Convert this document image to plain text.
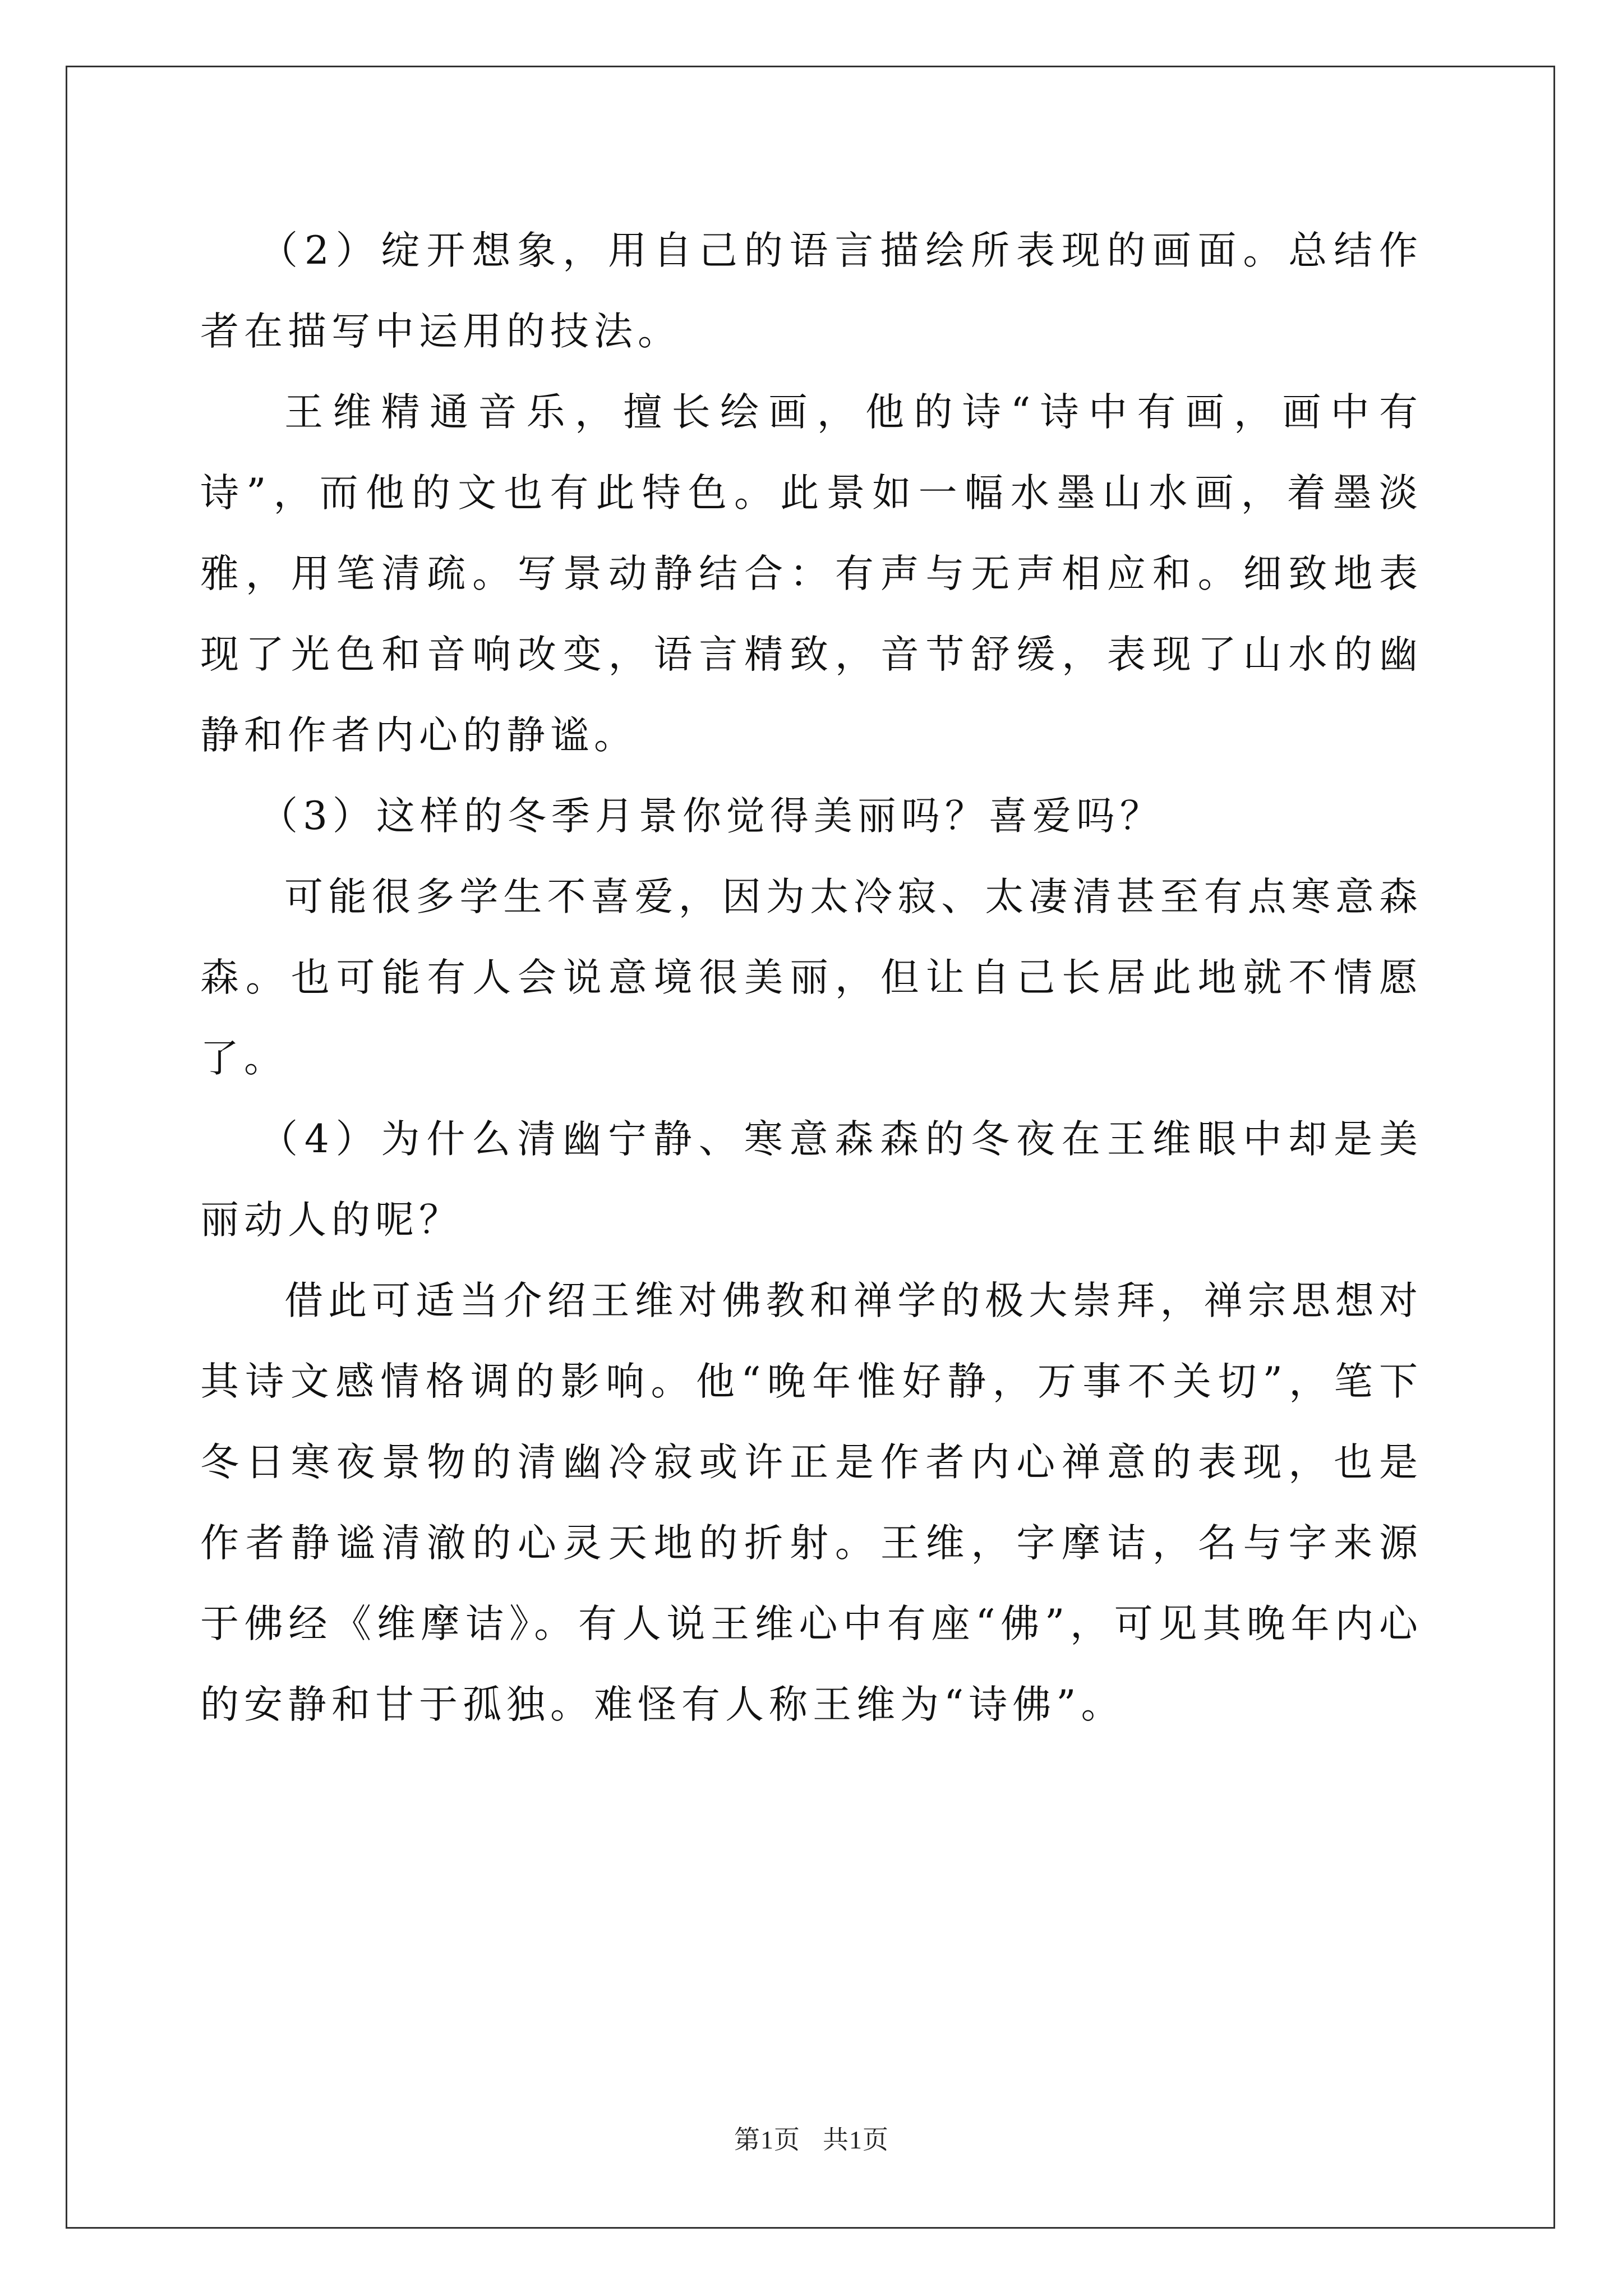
（2）绽开想象，用自己的语言描绘所表现的画面。总结作者在描写中运用的技法。

王维精通音乐，擅长绘画，他的诗“诗中有画，画中有诗”，而他的文也有此特色。此景如一幅水墨山水画，着墨淡雅，用笔清疏。写景动静结合：有声与无声相应和。细致地表现了光色和音响改变，语言精致，音节舒缓，表现了山水的幽静和作者内心的静谧。

（3）这样的冬季月景你觉得美丽吗？喜爱吗？

可能很多学生不喜爱，因为太冷寂、太凄清甚至有点寒意森森。也可能有人会说意境很美丽，但让自己长居此地就不情愿了。

（4）为什么清幽宁静、寒意森森的冬夜在王维眼中却是美丽动人的呢？

借此可适当介绍王维对佛教和禅学的极大崇拜，禅宗思想对其诗文感情格调的影响。他“晚年惟好静，万事不关切”，笔下冬日寒夜景物的清幽冷寂或许正是作者内心禅意的表现，也是作者静谧清澈的心灵天地的折射。王维，字摩诘，名与字来源于佛经《维摩诘》。有人说王维心中有座“佛”，可见其晚年内心的安静和甘于孤独。难怪有人称王维为“诗佛”。

第1页 共1页
